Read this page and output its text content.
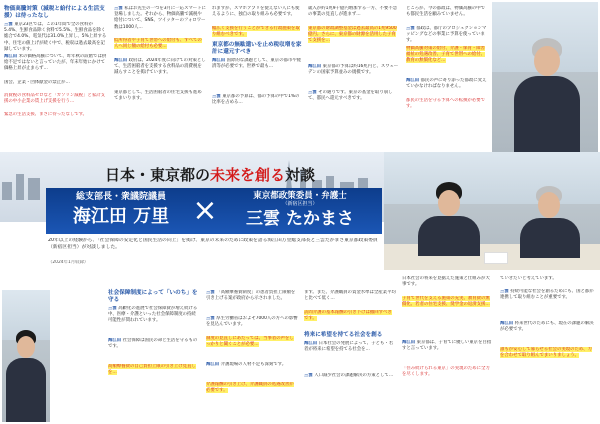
物価高騰対策（減税と給付による生活支援）は待ったなし
三雲 東京23区では、この1年間で全の食料が5.4%、生鮮食品除く食料で5.5%、生鮮食品を除く総合で4.0%、電気代は31.0%上昇し、5%上昇する中、住宅の値上げが続く中で、税収は過去最高を記録しています。
海江田 米の価格高騰について、昨年秋の段階では供給不足ではないと言っていたが、年末年始にかけて価格上昇が止まらず…
国会、企業・団体献金の禁止が…
消費税の食料品ゼロなど「ガソリン減税」と家計支援の中小企業の賃上げ支援を行う…
緊急の生活支援、まさに待ったなしです。
三雲 私はお先生の一つを3月に一応スマートに登場しました。それから、物価高騰で減税や給付について、SNS、ツイッターのフォロワー数は1000人…
低所得者や子育て世帯への給付も、すべての人へ同じ額の給付も必要…
海江田 政府は、2024年度に向けての対策として、生活困窮者を支援する食料品の消費税を減らすことを掲げています。
東京都として、生活困窮者の住宅支援も進めてまいります。
れますが、スマホアプリを使えない人にも使えるように、独自の取り組みも必要です。
幅広く支援を行うことができる行政施策を取り組むべきです。
東京都の無駄遣いを止め税収増を家計に還元すべき
海江田 国際的な課題として、東京の都市や経済等が必要です。世界で最も…
三雲 東京都の予算は、都の予算の中で1%の比率を占める…
歳入が約1兆9千億円増加する一方、不要不急の事業の見直しが進まず…
東京都の財政調整基金は過去最高の1兆9500億円。さらに、東京都の財源を活用した子育て支援を…
海江田 東京都の予算は約16兆円と、スウェーデンの国家予算並みの規模です。
三雲 その通りです。東京の基金を取り崩して、都民へ還元すべきです。
ところが、今の都政は、物価高騰の中でも都民生活を顧みていません。
三雲 都政は、都庁のプロジェクションマッピングなどの事業に予算を使っています。
物価高騰対策の給付、介護・保育・障害福祉の処遇改善、子育て世帯への給付、教育の無償化など…
海江田 都民の声に寄り添った都政に変えていかなければなりません。
都民の生活を守る予算への転換が必要です。
日本・東京都の未来を創る対談
総支部長・衆議院議員
海江田 万里 ×	東京都政策委員・弁護士
（新宿区担当）
三雲 たかまさ
20年以上の経験から、「社会保障の安定化と国民生活の向上」を掲げ、東京の未来のために政策を語る海江田万里総支部長と三雲たかまさ東京都政策委員（新宿区担当）が対談しました。
（2024年1月収録）
社会保障制度によって「いのち」を守る
三雲 高齢化の進展で社会保障費が増え続ける中、医療・介護といった社会保障制度の持続可能性が問われています。
海江田 社会保障は国民の命と生活を守るものです。
高額療養費の自己負担上限の引き上げ見直しを…
三雲 「高額療養費制度」の患者負担上限額を引き上げる案が政府から示されました。
三雲 厚生労働省はおよそ7000人の方への影響を見込んでいます。
制度の見直しにあたっては、当事者の声をしっかりと聞くことが必要…
海江田 介護現場の人材不足も深刻です。
介護報酬の引き上げ、介護職員の処遇改善が必要です。
ます。また、介護職員の賃金水準は全産業平均と比べて低く…
訪問介護の基本報酬の引き下げは撤回すべきです。
将来に希望を持てる社会を創る
海江田 日本社会の発展によって、子ども・若者が将来に希望を持てる社会を…
三雲 人口減少社会の課題解決の方策として…
日本社会の将来を見据えた施策と仕組みが大事です。
子育て世代を支える施策の充実、教育費の無償化、若者の住宅支援、奨学金の返済支援…
海江田 東京都は、子育てに優しい東京を目指すと言っています。
「住み続けられる東京」の実現のために全力を尽くします。
ていきたいと考えています。
三雲 持続可能な社会を創るためにも、国と都が連携して取り組むことが重要です。
海江田 将来世代のためにも、現在の課題の解決が必要です。
誰もが安心して暮らせる社会の実現のため、力を合わせて取り組んでまいりましょう。
